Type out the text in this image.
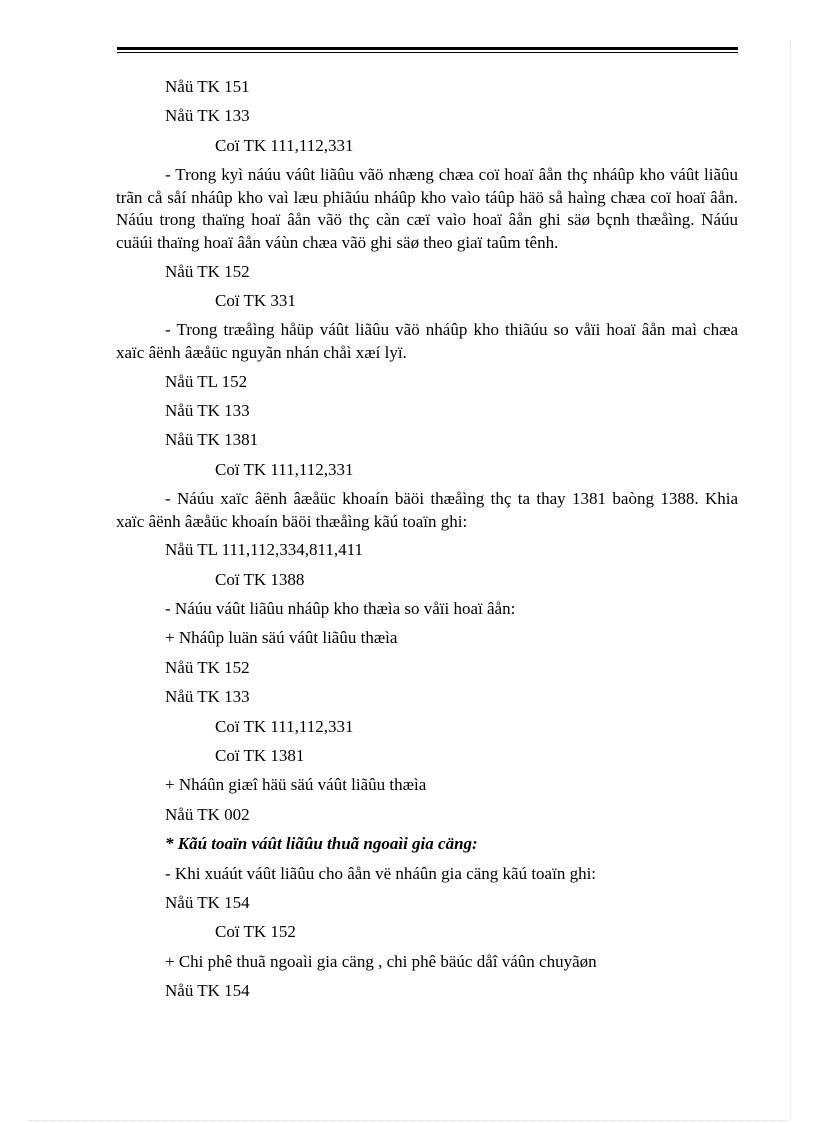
Nåü TK 151
Nåü TK 133
Coï TK 111,112,331
- Trong kyì náúu váût liãûu vãö nhæng chæa coï hoaï âån thç nháûp kho váût liãûu trãn cå såí nháûp kho vaì læu phiãúu nháûp kho vaìo táûp häö så haìng chæa coï hoaï âån. Náúu trong thaïng hoaï âån vãö thç càn cæï vaìo hoaï âån ghi säø bçnh thæåìng. Náúu cuäúi thaïng hoaï âån váùn chæa vãö ghi säø theo giaï taûm tênh.
Nåü TK 152
Coï TK 331
- Trong træåìng håüp váût liãûu vãö nháûp kho thiãúu so våïi hoaï âån maì chæa xaïc âënh âæåüc nguyãn nhán chåì xæí lyï.
Nåü TL 152
Nåü TK 133
Nåü TK 1381
Coï TK 111,112,331
- Náúu xaïc âënh âæåüc khoaín bäöi thæåìng thç ta thay 1381 baòng 1388. Khia xaïc âënh âæåüc khoaín bäöi thæåìng kãú toaïn ghi:
Nåü TL 111,112,334,811,411
Coï TK 1388
- Náúu váût liãûu nháûp kho thæìa so våïi hoaï âån:
+ Nháûp luän säú váût liãûu thæìa
Nåü TK 152
Nåü TK 133
Coï TK 111,112,331
Coï TK 1381
+ Nháûn giæî häü säú váût liãûu thæìa
Nåü TK 002
* Kãú toaïn váût liãûu thuã ngoaìi gia cäng:
- Khi xuáút váût liãûu cho âån vë nháûn gia cäng kãú toaïn ghi:
Nåü TK 154
Coï TK 152
+ Chi phê thuã ngoaìi gia cäng , chi phê bäúc dåî váûn chuyãøn
Nåü TK 154
